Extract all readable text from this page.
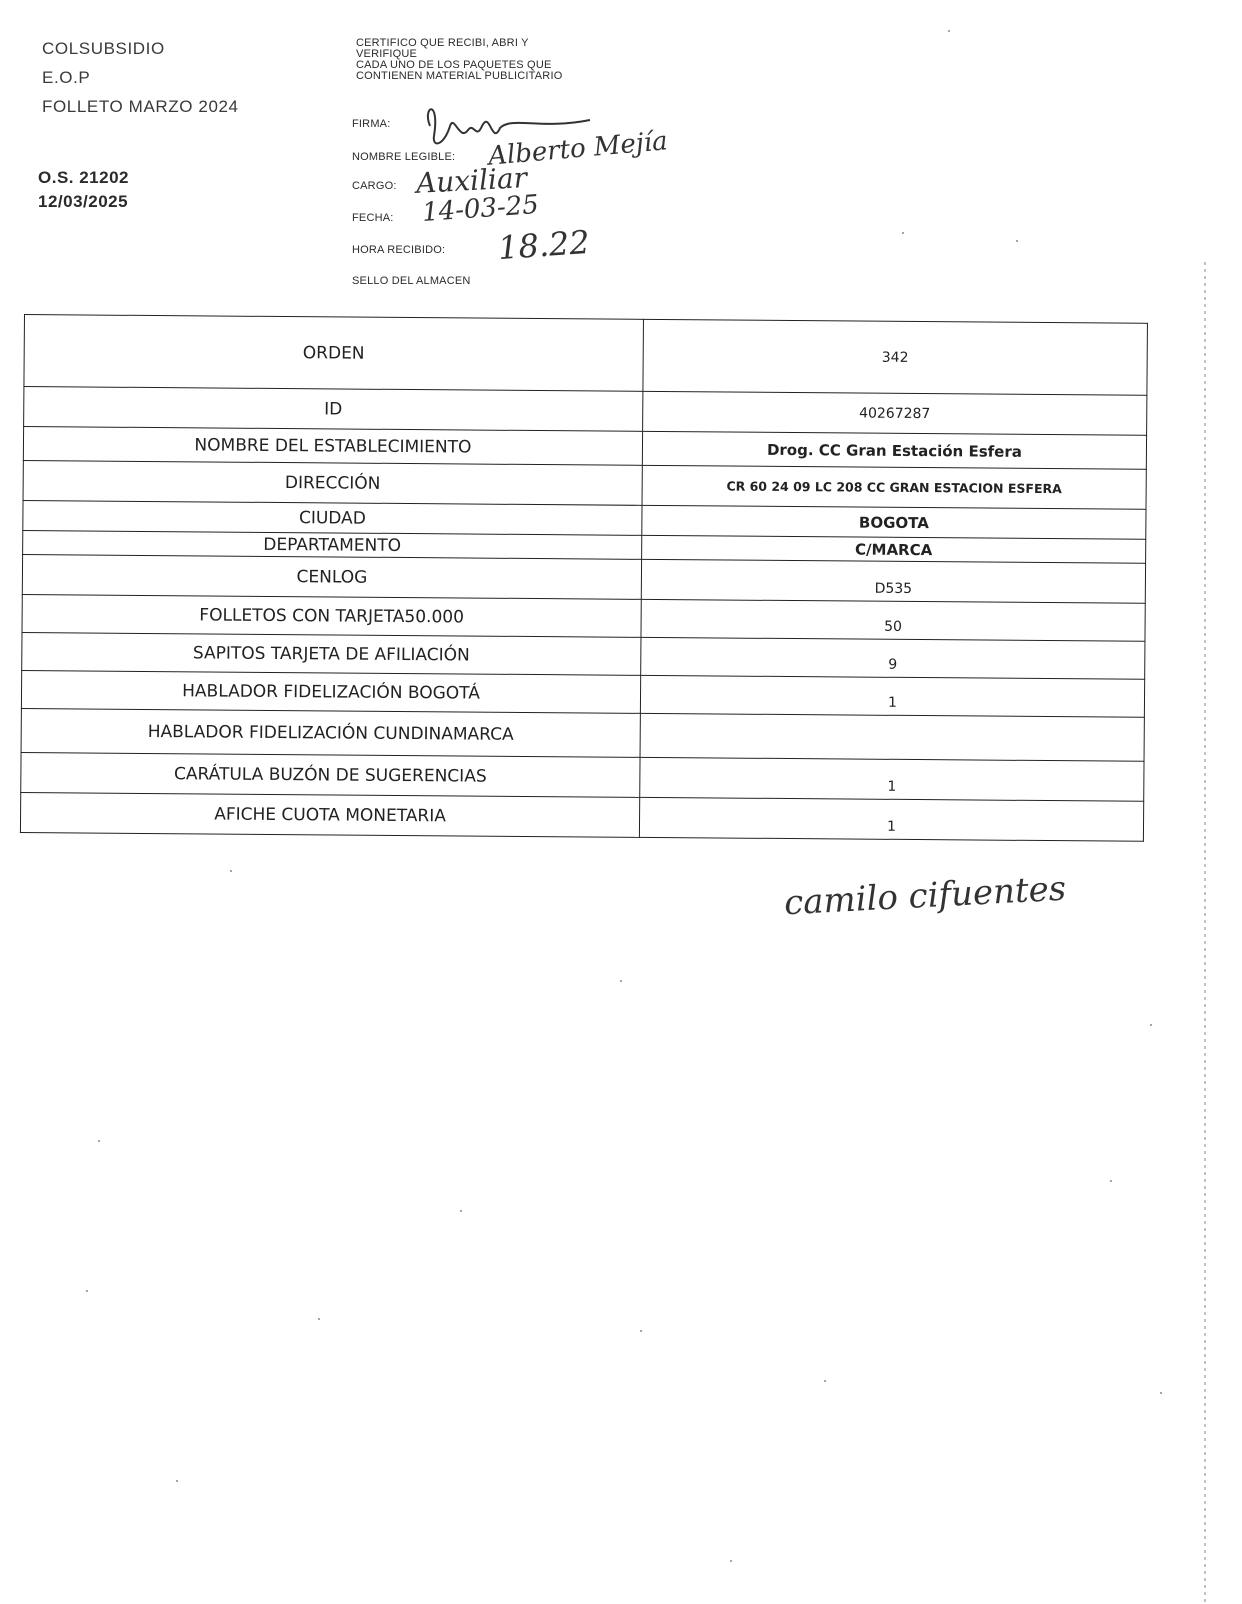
COLSUBSIDIO
E.O.P
FOLLETO MARZO 2024
O.S. 21202
12/03/2025
CERTIFICO QUE RECIBI, ABRI Y
VERIFIQUE
CADA UNO DE LOS PAQUETES QUE
CONTIENEN MATERIAL PUBLICITARIO
FIRMA:
NOMBRE LEGIBLE: Alberto Mejía
CARGO: Auxiliar
FECHA: 14-03-25
HORA RECIBIDO: 18.22
SELLO DEL ALMACEN
ORDEN	342
ID	40267287
NOMBRE DEL ESTABLECIMIENTO	Drog. CC Gran Estación Esfera
DIRECCIÓN	CR 60 24 09 LC 208 CC GRAN ESTACION ESFERA
CIUDAD	BOGOTA
DEPARTAMENTO	C/MARCA
CENLOG	D535
FOLLETOS CON TARJETA50.000	50
SAPITOS TARJETA DE AFILIACIÓN	9
HABLADOR FIDELIZACIÓN BOGOTÁ	1
HABLADOR FIDELIZACIÓN CUNDINAMARCA	
CARÁTULA BUZÓN DE SUGERENCIAS	1
AFICHE CUOTA MONETARIA	1
camilo cifuentes
